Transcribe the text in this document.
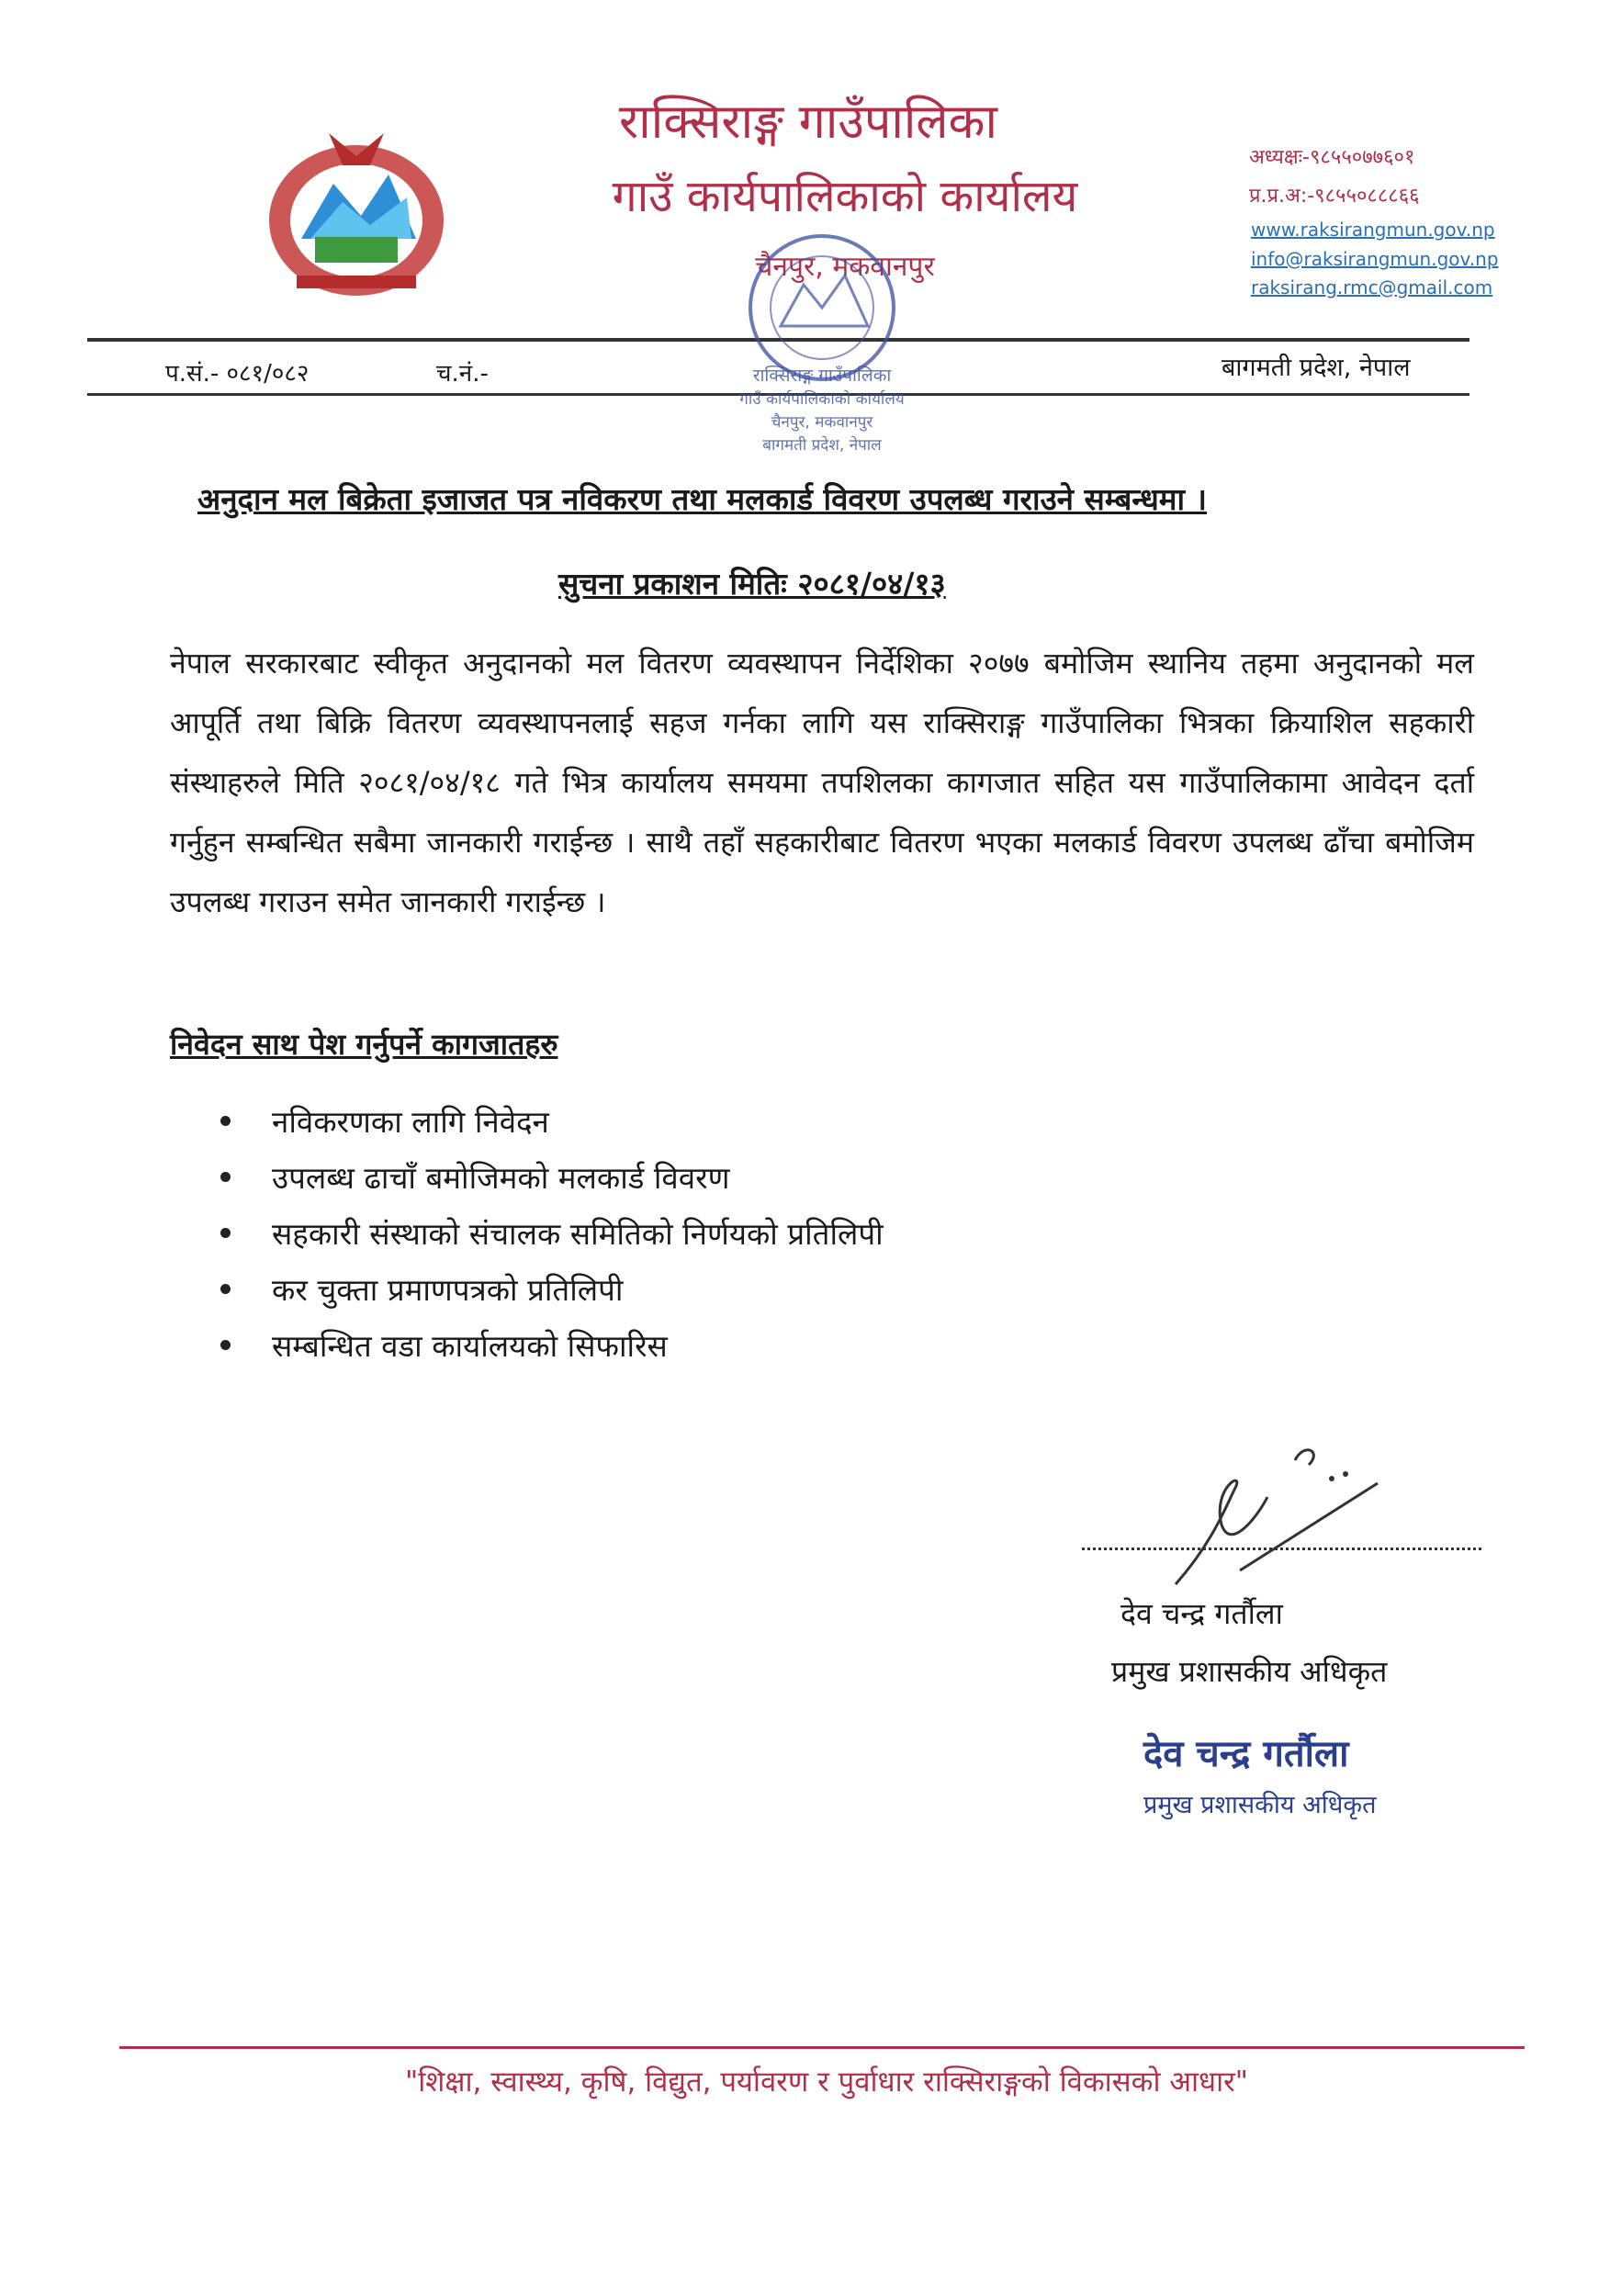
राक्सिराङ्ग गाउँपालिका
गाउँ कार्यपालिकाको कार्यालय
चैनपुर, मकवानपुर
अध्यक्षः-९८५५०७७६०१
प्र.प्र.अ:-९८५५०८८८६६
www.raksirangmun.gov.np
info@raksirangmun.gov.np
raksirang.rmc@gmail.com
प.सं.- ०८१/०८२	च.नं.-	बागमती प्रदेश, नेपाल
राक्सिराङ्ग गाउँपालिका
गाउँ कार्यपालिकाको कार्यालय
चैनपुर, मकवानपुर
बागमती प्रदेश, नेपाल
अनुदान मल बिक्रेता इजाजत पत्र नविकरण तथा मलकार्ड विवरण उपलब्ध गराउने सम्बन्धमा ।
सुचना प्रकाशन मितिः २०८१/०४/१३
नेपाल सरकारबाट स्वीकृत अनुदानको मल वितरण व्यवस्थापन निर्देशिका २०७७ बमोजिम स्थानिय तहमा अनुदानको मल आपूर्ति तथा बिक्रि वितरण व्यवस्थापनलाई सहज गर्नका लागि यस राक्सिराङ्ग गाउँपालिका भित्रका क्रियाशिल सहकारी संस्थाहरुले मिति २०८१/०४/१८ गते भित्र कार्यालय समयमा तपशिलका कागजात सहित यस गाउँपालिकामा आवेदन दर्ता गर्नुहुन सम्बन्धित सबैमा जानकारी गराईन्छ । साथै तहाँ सहकारीबाट वितरण भएका मलकार्ड विवरण उपलब्ध ढाँचा बमोजिम उपलब्ध गराउन समेत जानकारी गराईन्छ ।
निवेदन साथ पेश गर्नुपर्ने कागजातहरु
नविकरणका लागि निवेदन
उपलब्ध ढाचाँ बमोजिमको मलकार्ड विवरण
सहकारी संस्थाको संचालक समितिको निर्णयको प्रतिलिपी
कर चुक्ता प्रमाणपत्रको प्रतिलिपी
सम्बन्धित वडा कार्यालयको सिफारिस
देव चन्द्र गर्तौला
प्रमुख प्रशासकीय अधिकृत
देव चन्द्र गर्तौला
प्रमुख प्रशासकीय अधिकृत
"शिक्षा, स्वास्थ्य, कृषि, विद्युत, पर्यावरण र पुर्वाधार राक्सिराङ्गको विकासको आधार"
